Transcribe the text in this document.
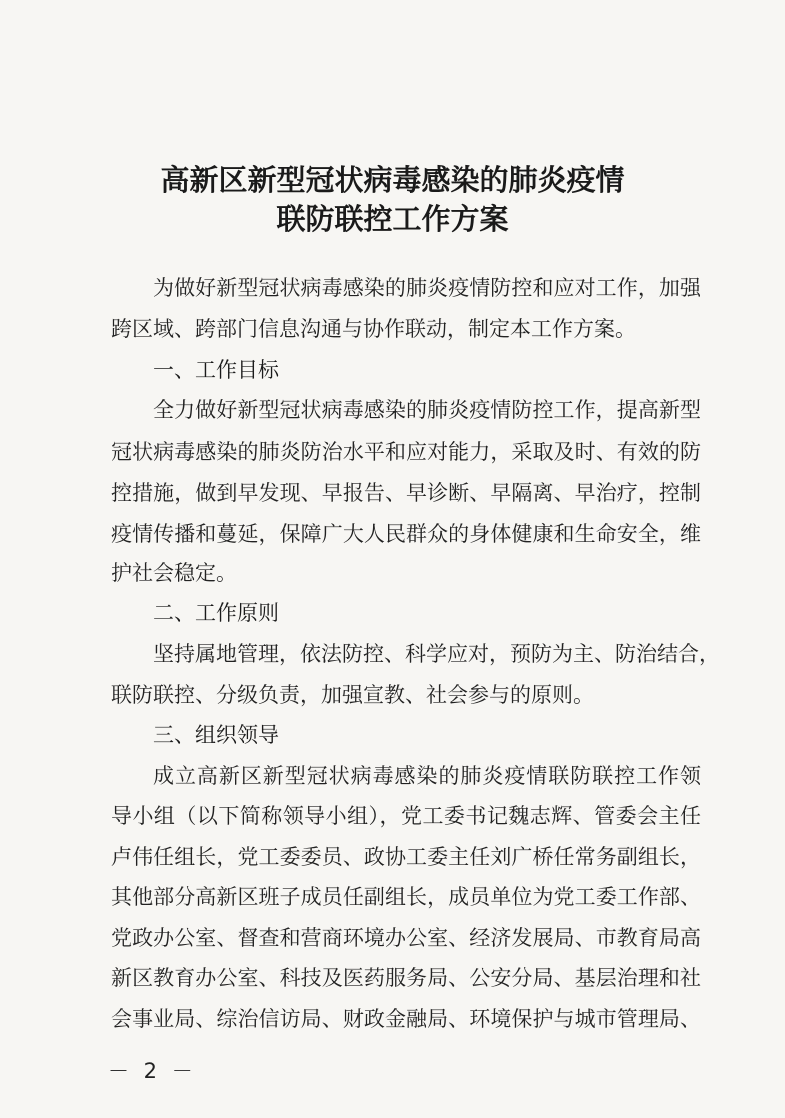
高新区新型冠状病毒感染的肺炎疫情
联防联控工作方案
为做好新型冠状病毒感染的肺炎疫情防控和应对工作，加强
跨区域、跨部门信息沟通与协作联动，制定本工作方案。
一、工作目标
全力做好新型冠状病毒感染的肺炎疫情防控工作，提高新型
冠状病毒感染的肺炎防治水平和应对能力，采取及时、有效的防
控措施，做到早发现、早报告、早诊断、早隔离、早治疗，控制
疫情传播和蔓延，保障广大人民群众的身体健康和生命安全，维
护社会稳定。
二、工作原则
坚持属地管理，依法防控、科学应对，预防为主、防治结合，
联防联控、分级负责，加强宣教、社会参与的原则。
三、组织领导
成立高新区新型冠状病毒感染的肺炎疫情联防联控工作领
导小组（以下简称领导小组），党工委书记魏志辉、管委会主任
卢伟任组长，党工委委员、政协工委主任刘广桥任常务副组长，
其他部分高新区班子成员任副组长，成员单位为党工委工作部、
党政办公室、督查和营商环境办公室、经济发展局、市教育局高
新区教育办公室、科技及医药服务局、公安分局、基层治理和社
会事业局、综治信访局、财政金融局、环境保护与城市管理局、
－ 2 －
